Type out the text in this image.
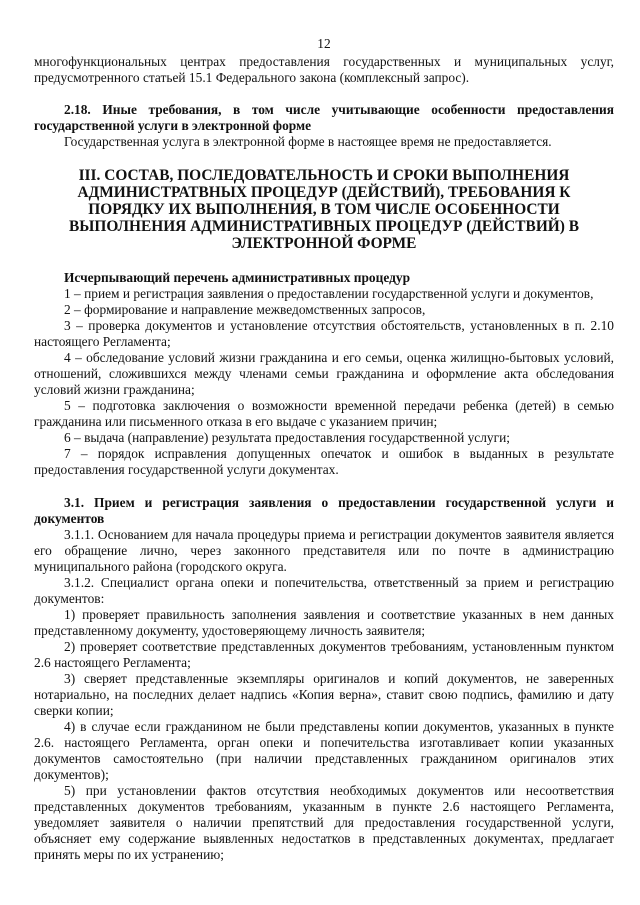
12

многофункциональных центрах предоставления государственных и муниципальных услуг, предусмотренного статьей 15.1 Федерального закона (комплексный запрос).

2.18. Иные требования, в том числе учитывающие особенности предоставления государственной услуги в электронной форме

Государственная услуга в электронной форме в настоящее время не предоставляется.

III. СОСТАВ, ПОСЛЕДОВАТЕЛЬНОСТЬ И СРОКИ ВЫПОЛНЕНИЯ АДМИНИСТРАТВНЫХ ПРОЦЕДУР (ДЕЙСТВИЙ), ТРЕБОВАНИЯ К ПОРЯДКУ ИХ ВЫПОЛНЕНИЯ, В ТОМ ЧИСЛЕ ОСОБЕННОСТИ ВЫПОЛНЕНИЯ АДМИНИСТРАТИВНЫХ ПРОЦЕДУР (ДЕЙСТВИЙ) В ЭЛЕКТРОННОЙ ФОРМЕ

Исчерпывающий перечень административных процедур

1 – прием и регистрация заявления о предоставлении государственной услуги и документов,

2 – формирование и направление межведомственных запросов,

3 – проверка документов и установление отсутствия обстоятельств, установленных в п. 2.10 настоящего Регламента;

4 – обследование условий жизни гражданина и его семьи, оценка жилищно-бытовых условий, отношений, сложившихся между членами семьи гражданина и оформление акта обследования условий жизни гражданина;

5 – подготовка заключения о возможности временной передачи ребенка (детей) в семью гражданина или письменного отказа в его выдаче с указанием причин;

6 – выдача (направление) результата предоставления государственной услуги;

7 – порядок исправления допущенных опечаток и ошибок в выданных в результате предоставления государственной услуги документах.

3.1. Прием и регистрация заявления о предоставлении государственной услуги и документов

3.1.1. Основанием для начала процедуры приема и регистрации документов заявителя является его обращение лично, через законного представителя или по почте в администрацию муниципального района (городского округа.

3.1.2. Специалист органа опеки и попечительства, ответственный за прием и регистрацию документов:

1) проверяет правильность заполнения заявления и соответствие указанных в нем данных представленному документу, удостоверяющему личность заявителя;

2) проверяет соответствие представленных документов требованиям, установленным пунктом 2.6 настоящего Регламента;

3) сверяет представленные экземпляры оригиналов и копий документов, не заверенных нотариально, на последних делает надпись «Копия верна», ставит свою подпись, фамилию и дату сверки копии;

4) в случае если гражданином не были представлены копии документов, указанных в пункте 2.6. настоящего Регламента, орган опеки и попечительства изготавливает копии указанных документов самостоятельно (при наличии представленных гражданином оригиналов этих документов);

5) при установлении фактов отсутствия необходимых документов или несоответствия представленных документов требованиям, указанным в пункте 2.6 настоящего Регламента, уведомляет заявителя о наличии препятствий для предоставления государственной услуги, объясняет ему содержание выявленных недостатков в представленных документах, предлагает принять меры по их устранению;
